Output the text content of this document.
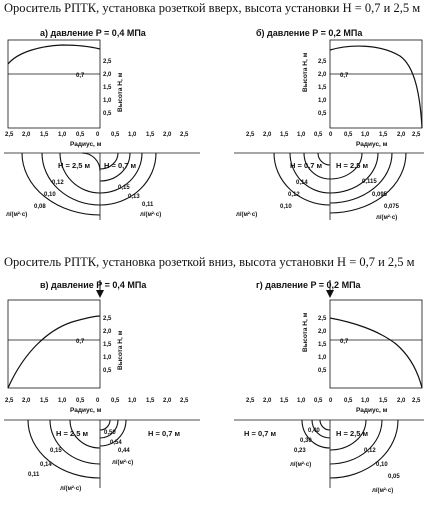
Ороситель РПТК, установка розеткой вверх, высота установки H = 0,7 и 2,5 м
а) давление P = 0,4 МПа
0,7
2,5
2,0
1,5
1,0
0,5
Высота H, м
2,5 2,0 1,5 1,0 0,5 0 0,5 1,0 1,5 2,0 2,5
Радиус, м
H = 2,5 м H = 0,7 м
0,12
0,10
0,08
0,15
0,13
0,11
л/(м²·с)	л/(м²·с)
б) давление P = 0,2 МПа
0,7
2,5
2,0
1,5
1,0
0,5
Высота H, м
2,5 2,0 1,5 1,0 0,5 0 0,5 1,0 1,5 2,0 2,5
Радиус, м
H = 0,7 м H = 2,5 м
0,14
0,12
0,10
0,115
0,095
0,075
л/(м²·с)	л/(м²·с)
Ороситель РПТК, установка розеткой вниз, высота установки H = 0,7 и 2,5 м
в) давление P = 0,4 МПа
0,7
2,5
2,0
1,5
1,0
0,5
Высота H, м
2,5 2,0 1,5 1,0 0,5 0 0,5 1,0 1,5 2,0 2,5
Радиус, м
H = 2,5 м	H = 0,7 м
0,15
0,14
0,11
0,50
0,54
0,44
л/(м²·с)
л/(м²·с)
г) давление P = 0,2 МПа
0,7
2,5
2,0
1,5
1,0
0,5
Высота H, м
2,5 2,0 1,5 1,0 0,5 0 0,5 1,0 1,5 2,0 2,5
Радиус, м
H = 0,7 м	H = 2,5 м
0,40
0,30
0,23	0,12
0,10
0,05
л/(м²·с)
л/(м²·с)
